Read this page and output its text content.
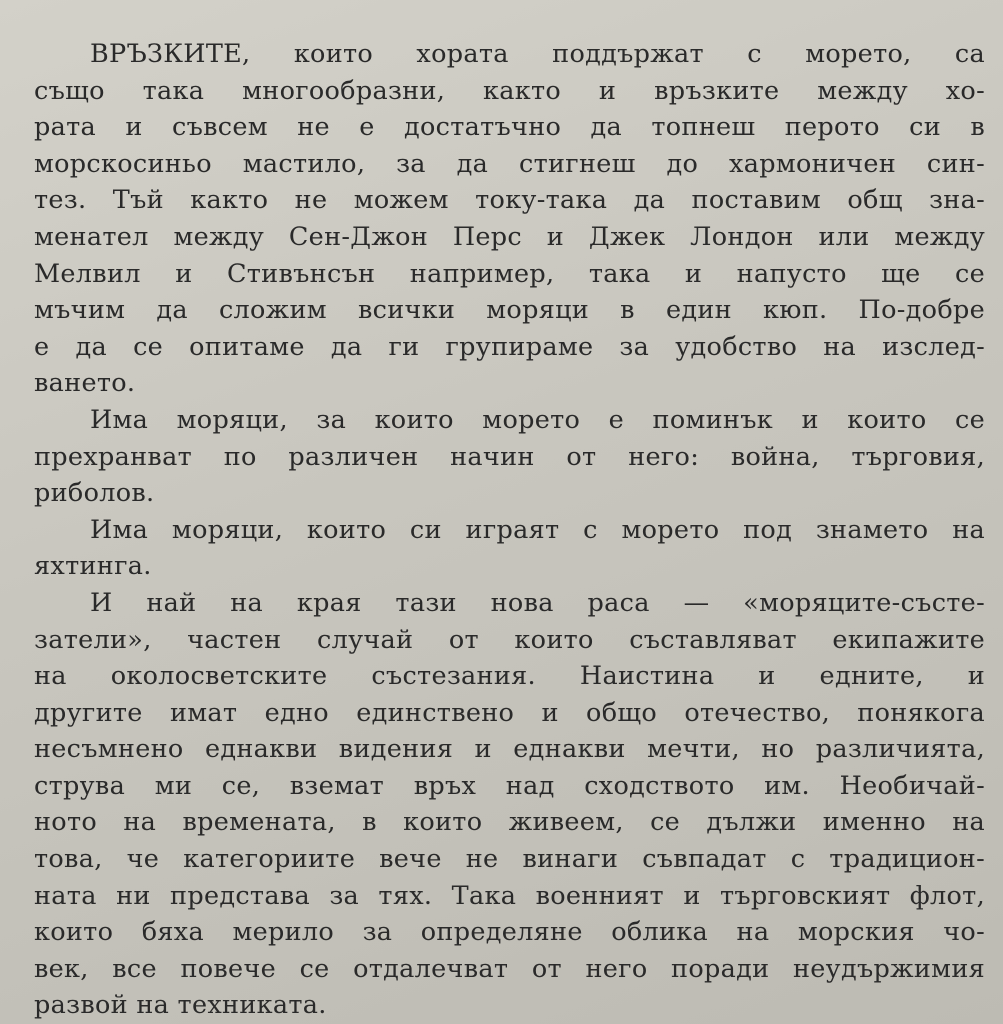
ВРЪЗКИТЕ, които хората поддържат с морето, са
също така многообразни, както и връзките между хо-
рата и съвсем не е достатъчно да топнеш перото си в
морскосиньо мастило, за да стигнеш до хармоничен син-
тез. Тъй както не можем току-така да поставим общ зна-
менател между Сен-Джон Перс и Джек Лондон или между
Мелвил и Стивънсън например, така и напусто ще се
мъчим да сложим всички моряци в един кюп. По-добре
е да се опитаме да ги групираме за удобство на изслед-
ването.
Има моряци, за които морето е поминък и които се
прехранват по различен начин от него: война, търговия,
риболов.
Има моряци, които си играят с морето под знамето на
яхтинга.
И най на края тази нова раса — «моряците-състе-
затели», частен случай от които съставляват екипажите
на околосветските състезания. Наистина и едните, и
другите имат едно единствено и общо отечество, понякога
несъмнено еднакви видения и еднакви мечти, но различията,
струва ми се, вземат връх над сходството им. Необичай-
ното на времената, в които живеем, се дължи именно на
това, че категориите вече не винаги съвпадат с традицион-
ната ни представа за тях. Така военният и търговският флот,
които бяха мерило за определяне облика на морския чо-
век, все повече се отдалечват от него поради неудържимия
развой на техниката.
